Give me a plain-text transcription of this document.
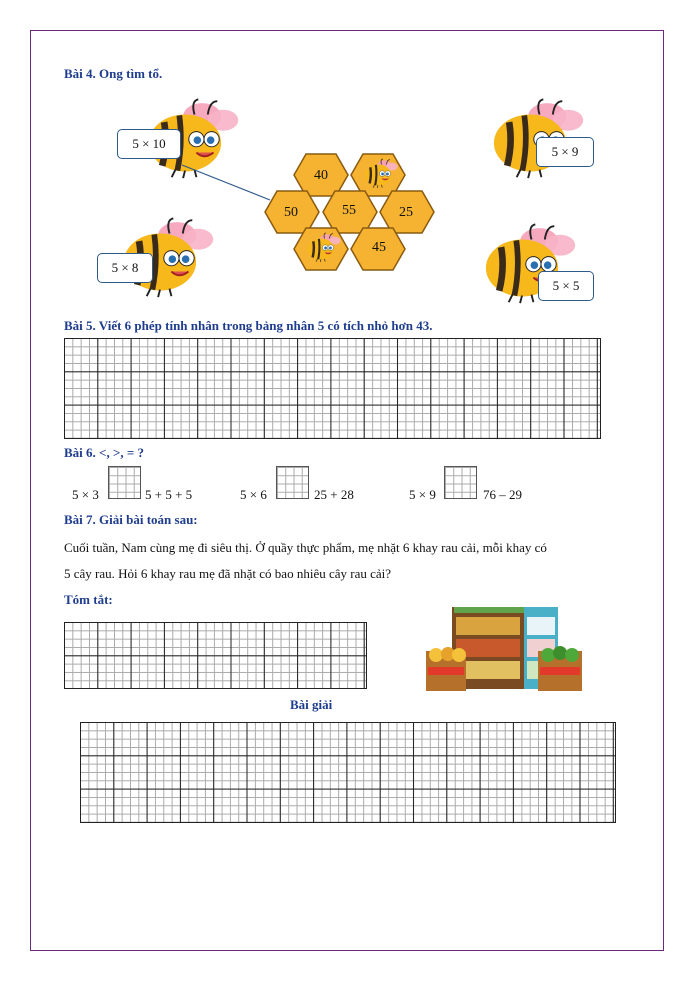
Bài 4. Ong tìm tổ.
40
50	55	25
45
5 × 10
5 × 9
5 × 8
5 × 5
Bài 5. Viết 6 phép tính nhân trong bảng nhân 5 có tích nhỏ hơn 43.
Bài 6. <, >, = ?
5 × 3	5 + 5 + 5	5 × 6	25 + 28	5 × 9	76 – 29
Bài 7. Giải bài toán sau:
Cuối tuần, Nam cùng mẹ đi siêu thị. Ở quầy thực phẩm, mẹ nhặt 6 khay rau cải, mỗi khay có
5 cây rau. Hỏi 6 khay rau mẹ đã nhặt có bao nhiêu cây rau cải?
Tóm tắt:
Bài giải
